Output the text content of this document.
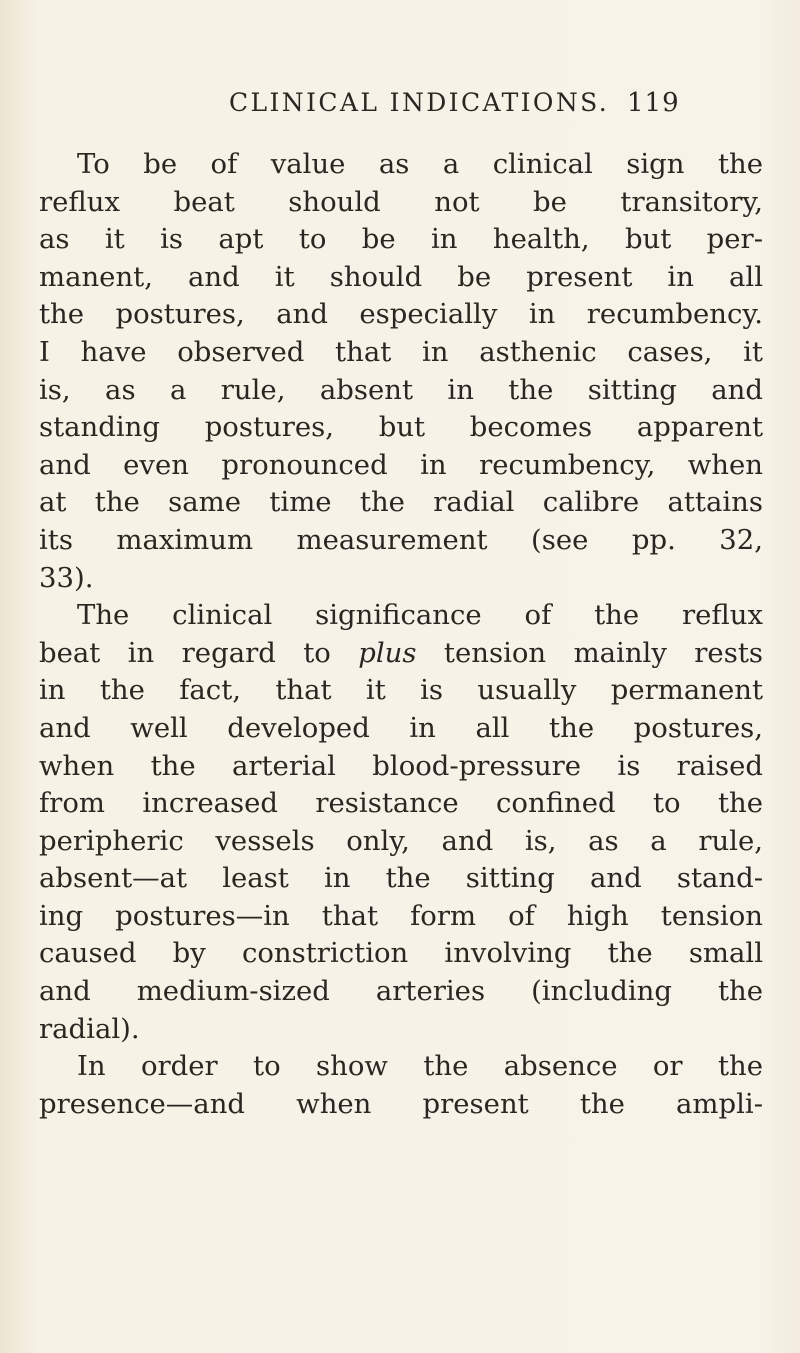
CLINICAL INDICATIONS. 119
To be of value as a clinical sign the
reflux beat should not be transitory,
as it is apt to be in health, but per-
manent, and it should be present in all
the postures, and especially in recumbency.
I have observed that in asthenic cases, it
is, as a rule, absent in the sitting and
standing postures, but becomes apparent
and even pronounced in recumbency, when
at the same time the radial calibre attains
its maximum measurement (see pp. 32,
33).
The clinical significance of the reflux
beat in regard to plus tension mainly rests
in the fact, that it is usually permanent
and well developed in all the postures,
when the arterial blood-pressure is raised
from increased resistance confined to the
peripheric vessels only, and is, as a rule,
absent—at least in the sitting and stand-
ing postures—in that form of high tension
caused by constriction involving the small
and medium-sized arteries (including the
radial).
In order to show the absence or the
presence—and when present the ampli-
